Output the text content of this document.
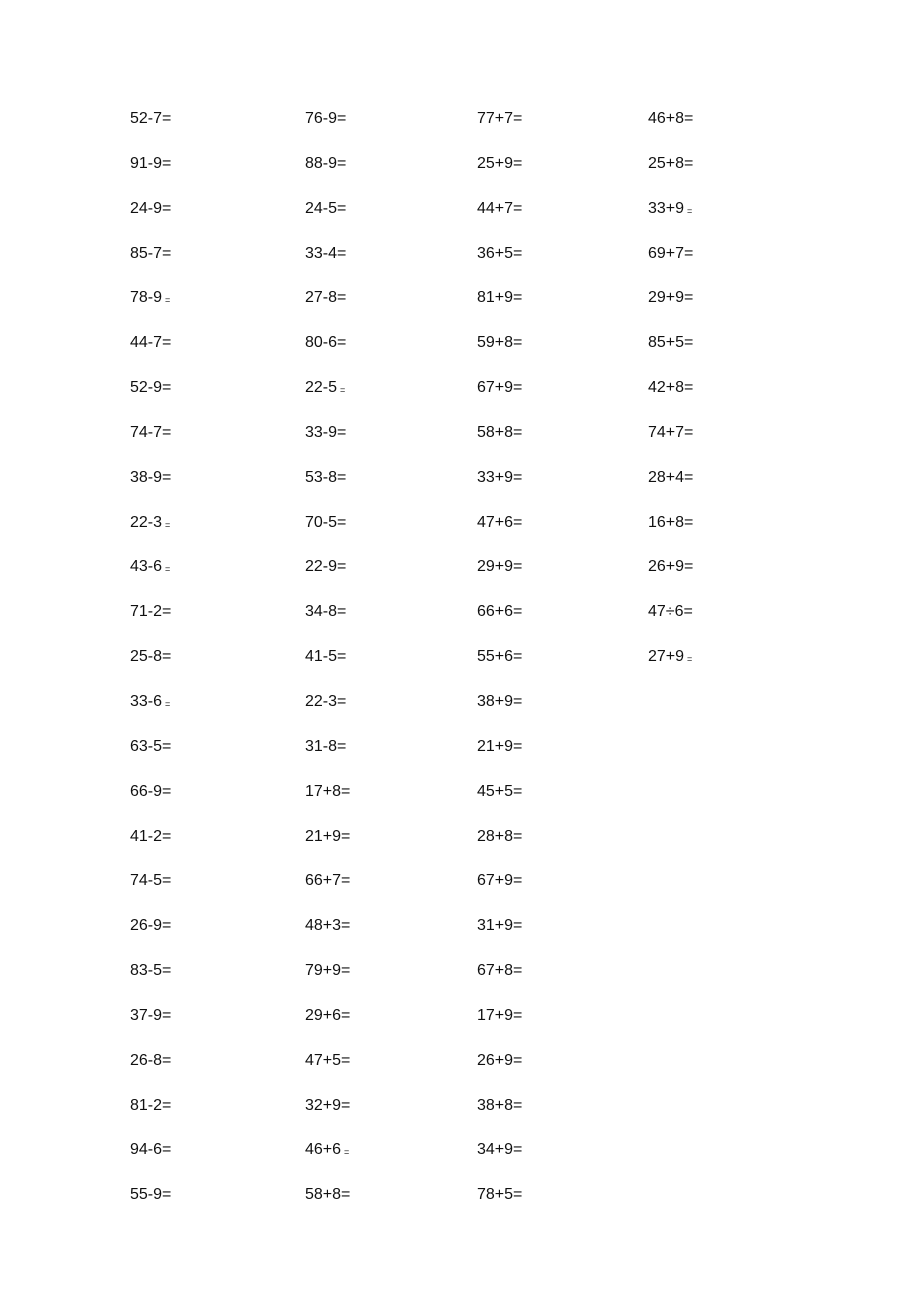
52-7=
91-9=
24-9=
85-7=
78-9 =
44-7=
52-9=
74-7=
38-9=
22-3 =
43-6 =
71-2=
25-8=
33-6 =
63-5=
66-9=
41-2=
74-5=
26-9=
83-5=
37-9=
26-8=
81-2=
94-6=
55-9=
76-9=
88-9=
24-5=
33-4=
27-8=
80-6=
22-5 =
33-9=
53-8=
70-5=
22-9=
34-8=
41-5=
22-3=
31-8=
17+8=
21+9=
66+7=
48+3=
79+9=
29+6=
47+5=
32+9=
46+6 =
58+8=
77+7=
25+9=
44+7=
36+5=
81+9=
59+8=
67+9=
58+8=
33+9=
47+6=
29+9=
66+6=
55+6=
38+9=
21+9=
45+5=
28+8=
67+9=
31+9=
67+8=
17+9=
26+9=
38+8=
34+9=
78+5=
46+8=
25+8=
33+9 =
69+7=
29+9=
85+5=
42+8=
74+7=
28+4=
16+8=
26+9=
47÷6=
27+9 =
